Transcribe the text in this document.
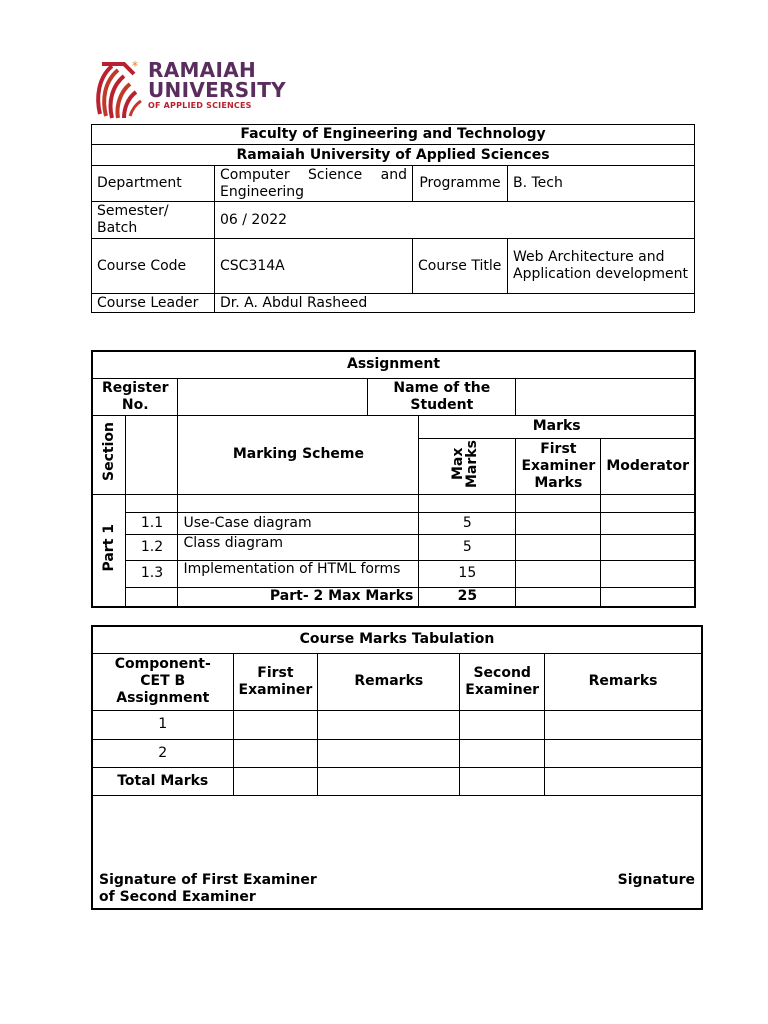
* RAMAIAH
UNIVERSITY
OF APPLIED SCIENCES
Faculty of Engineering and Technology			
Ramaiah University of Applied Sciences			
Department	Computer Science and Engineering	Programme	B. Tech
Semester/ Batch	06 / 2022		
Course Code	CSC314A	Course Title	Web Architecture and Application development
Course Leader	Dr. A. Abdul Rasheed		
Assignment						
Register No.			Name of the Student			
Section		Marking Scheme		Marks		
				Max Marks	First Examiner Marks	Moderator
Part 1						
	1.1	Use-Case diagram		5		
	1.2	Class diagram		5		
	1.3	Implementation of HTML forms		15		
		Part- 2 Max Marks		25		
Course Marks Tabulation				
Component- CET B Assignment	First Examiner	Remarks	Second Examiner	Remarks
1				
2				
Total Marks				

Signature of First Examiner Signature
of Second Examiner				
